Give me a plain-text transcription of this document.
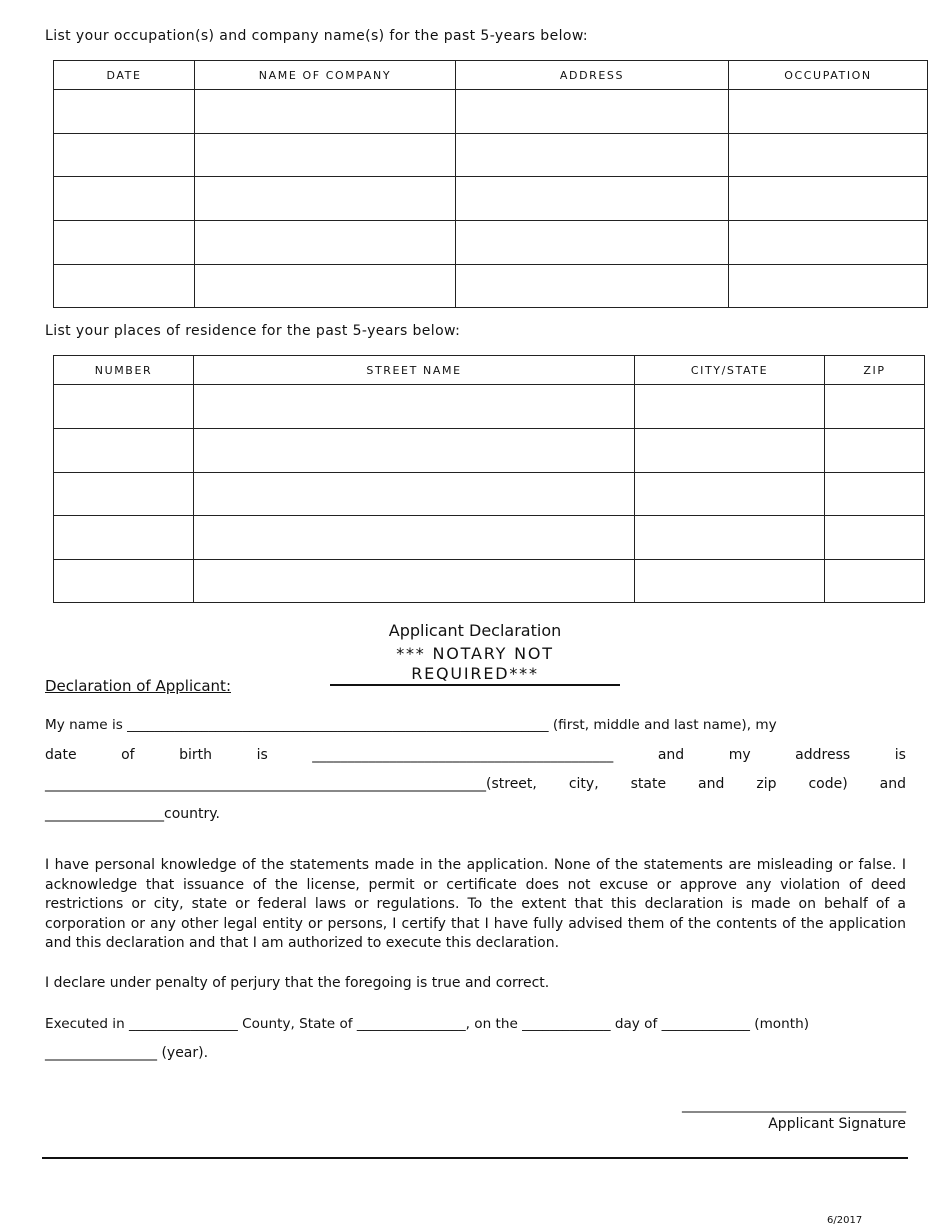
List your occupation(s) and company name(s) for the past 5-years below:
DATE	NAME OF COMPANY	ADDRESS	OCCUPATION

List your places of residence for the past 5-years below:
NUMBER	STREET NAME	CITY/STATE	ZIP

Applicant Declaration
*** NOTARY NOT REQUIRED***
Declaration of Applicant:
My name is ______________________________________________________________ (first, middle and last name), my
date	of	birth	is	___________________________________________	and	my	address	is
_______________________________________________________________(street, city, state and zip code) and
_________________country.
I have personal knowledge of the statements made in the application. None of the statements are misleading or false. I acknowledge that issuance of the license, permit or certificate does not excuse or approve any violation of deed restrictions or city, state or federal laws or regulations. To the extent that this declaration is made on behalf of a corporation or any other legal entity or persons, I certify that I have fully advised them of the contents of the application and this declaration and that I am authorized to execute this declaration.
I declare under penalty of perjury that the foregoing is true and correct.
Executed in ________________ County, State of ________________, on the _____________ day of _____________ (month)
________________ (year).
________________________________
Applicant Signature
6/2017
